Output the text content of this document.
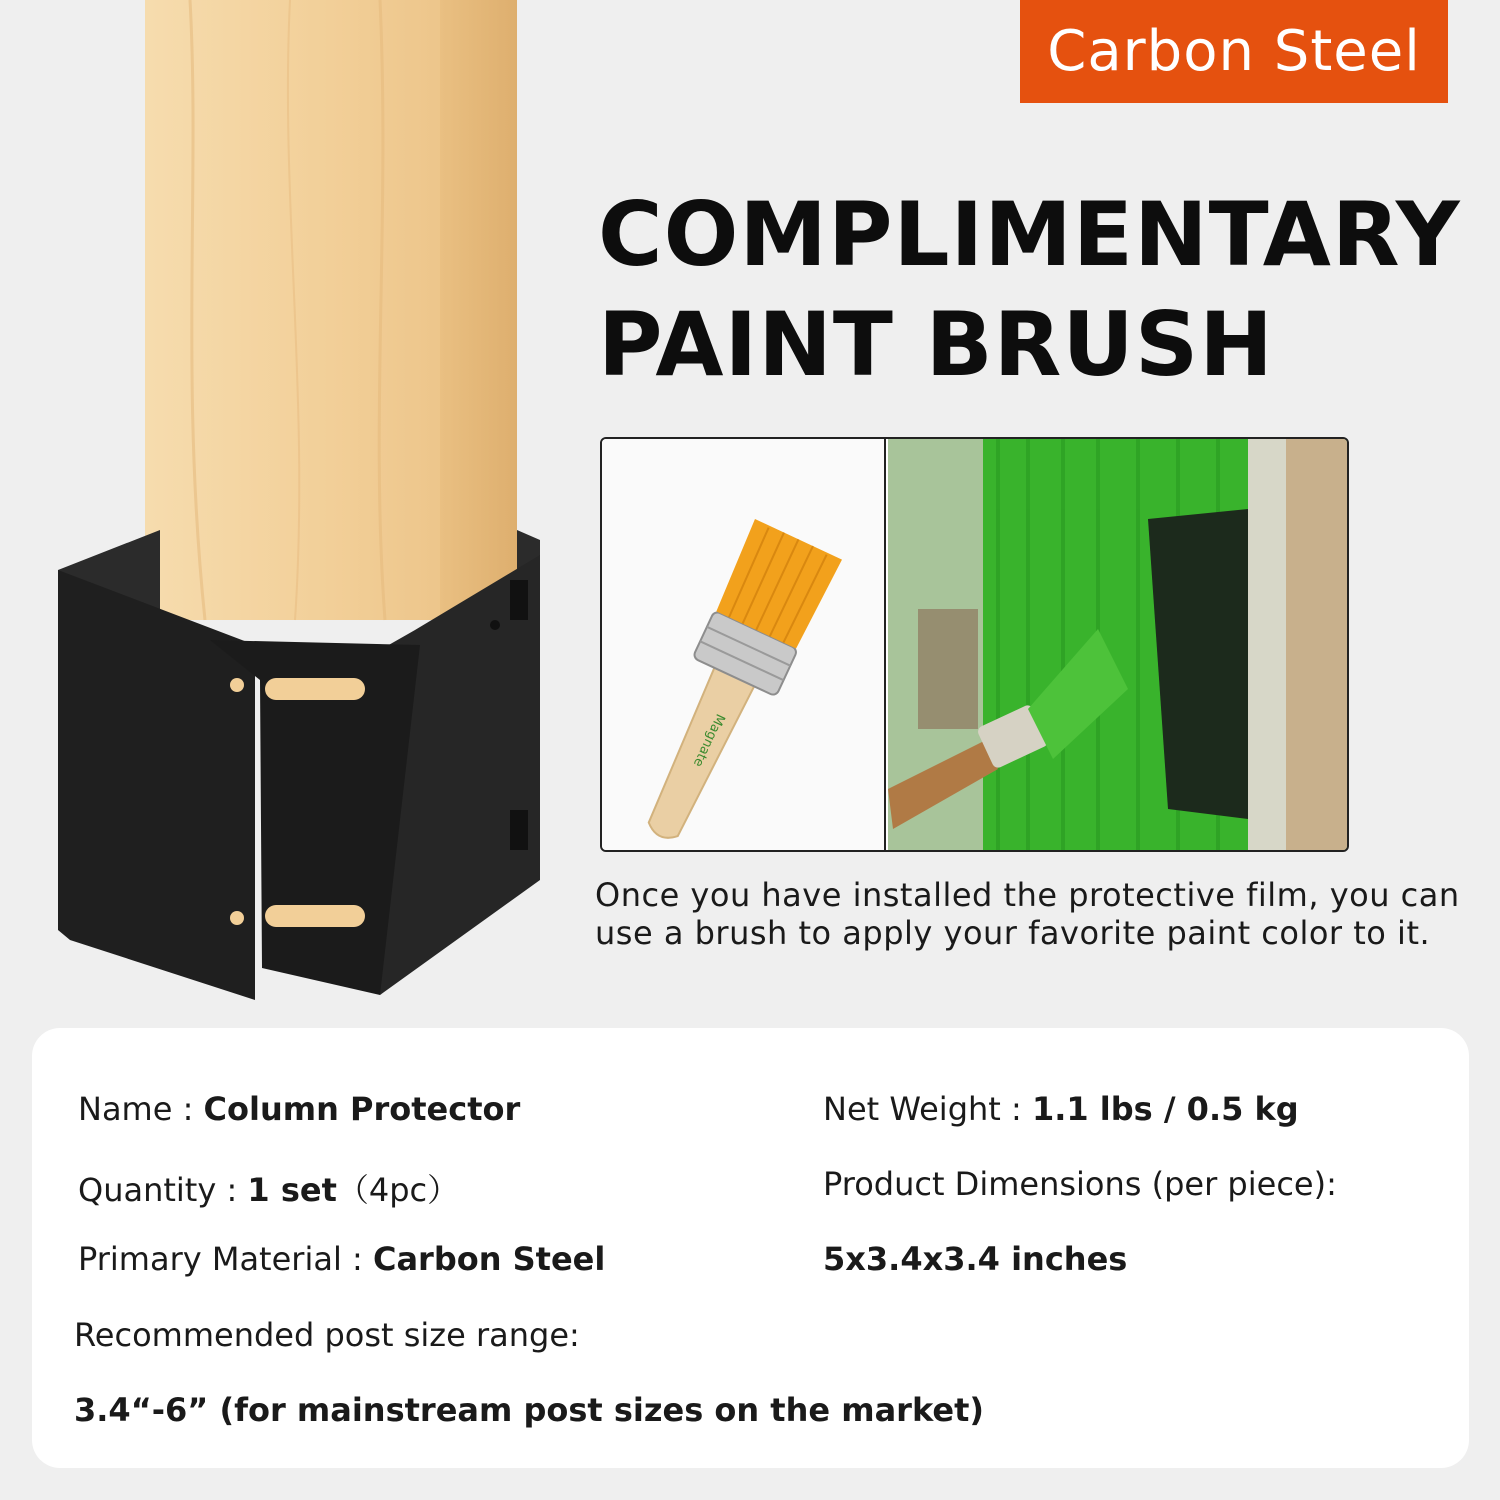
Carbon Steel
COMPLIMENTARY
PAINT BRUSH
Magnate
Once you have installed the protective film, you can use a brush to apply your favorite paint color to it.
Name : Column Protector
Quantity : 1 set（4pc）
Primary Material : Carbon Steel
Recommended post size range:
3.4“-6” (for mainstream post sizes on the market)
Net Weight : 1.1 lbs / 0.5 kg
Product Dimensions (per piece):
5x3.4x3.4 inches
